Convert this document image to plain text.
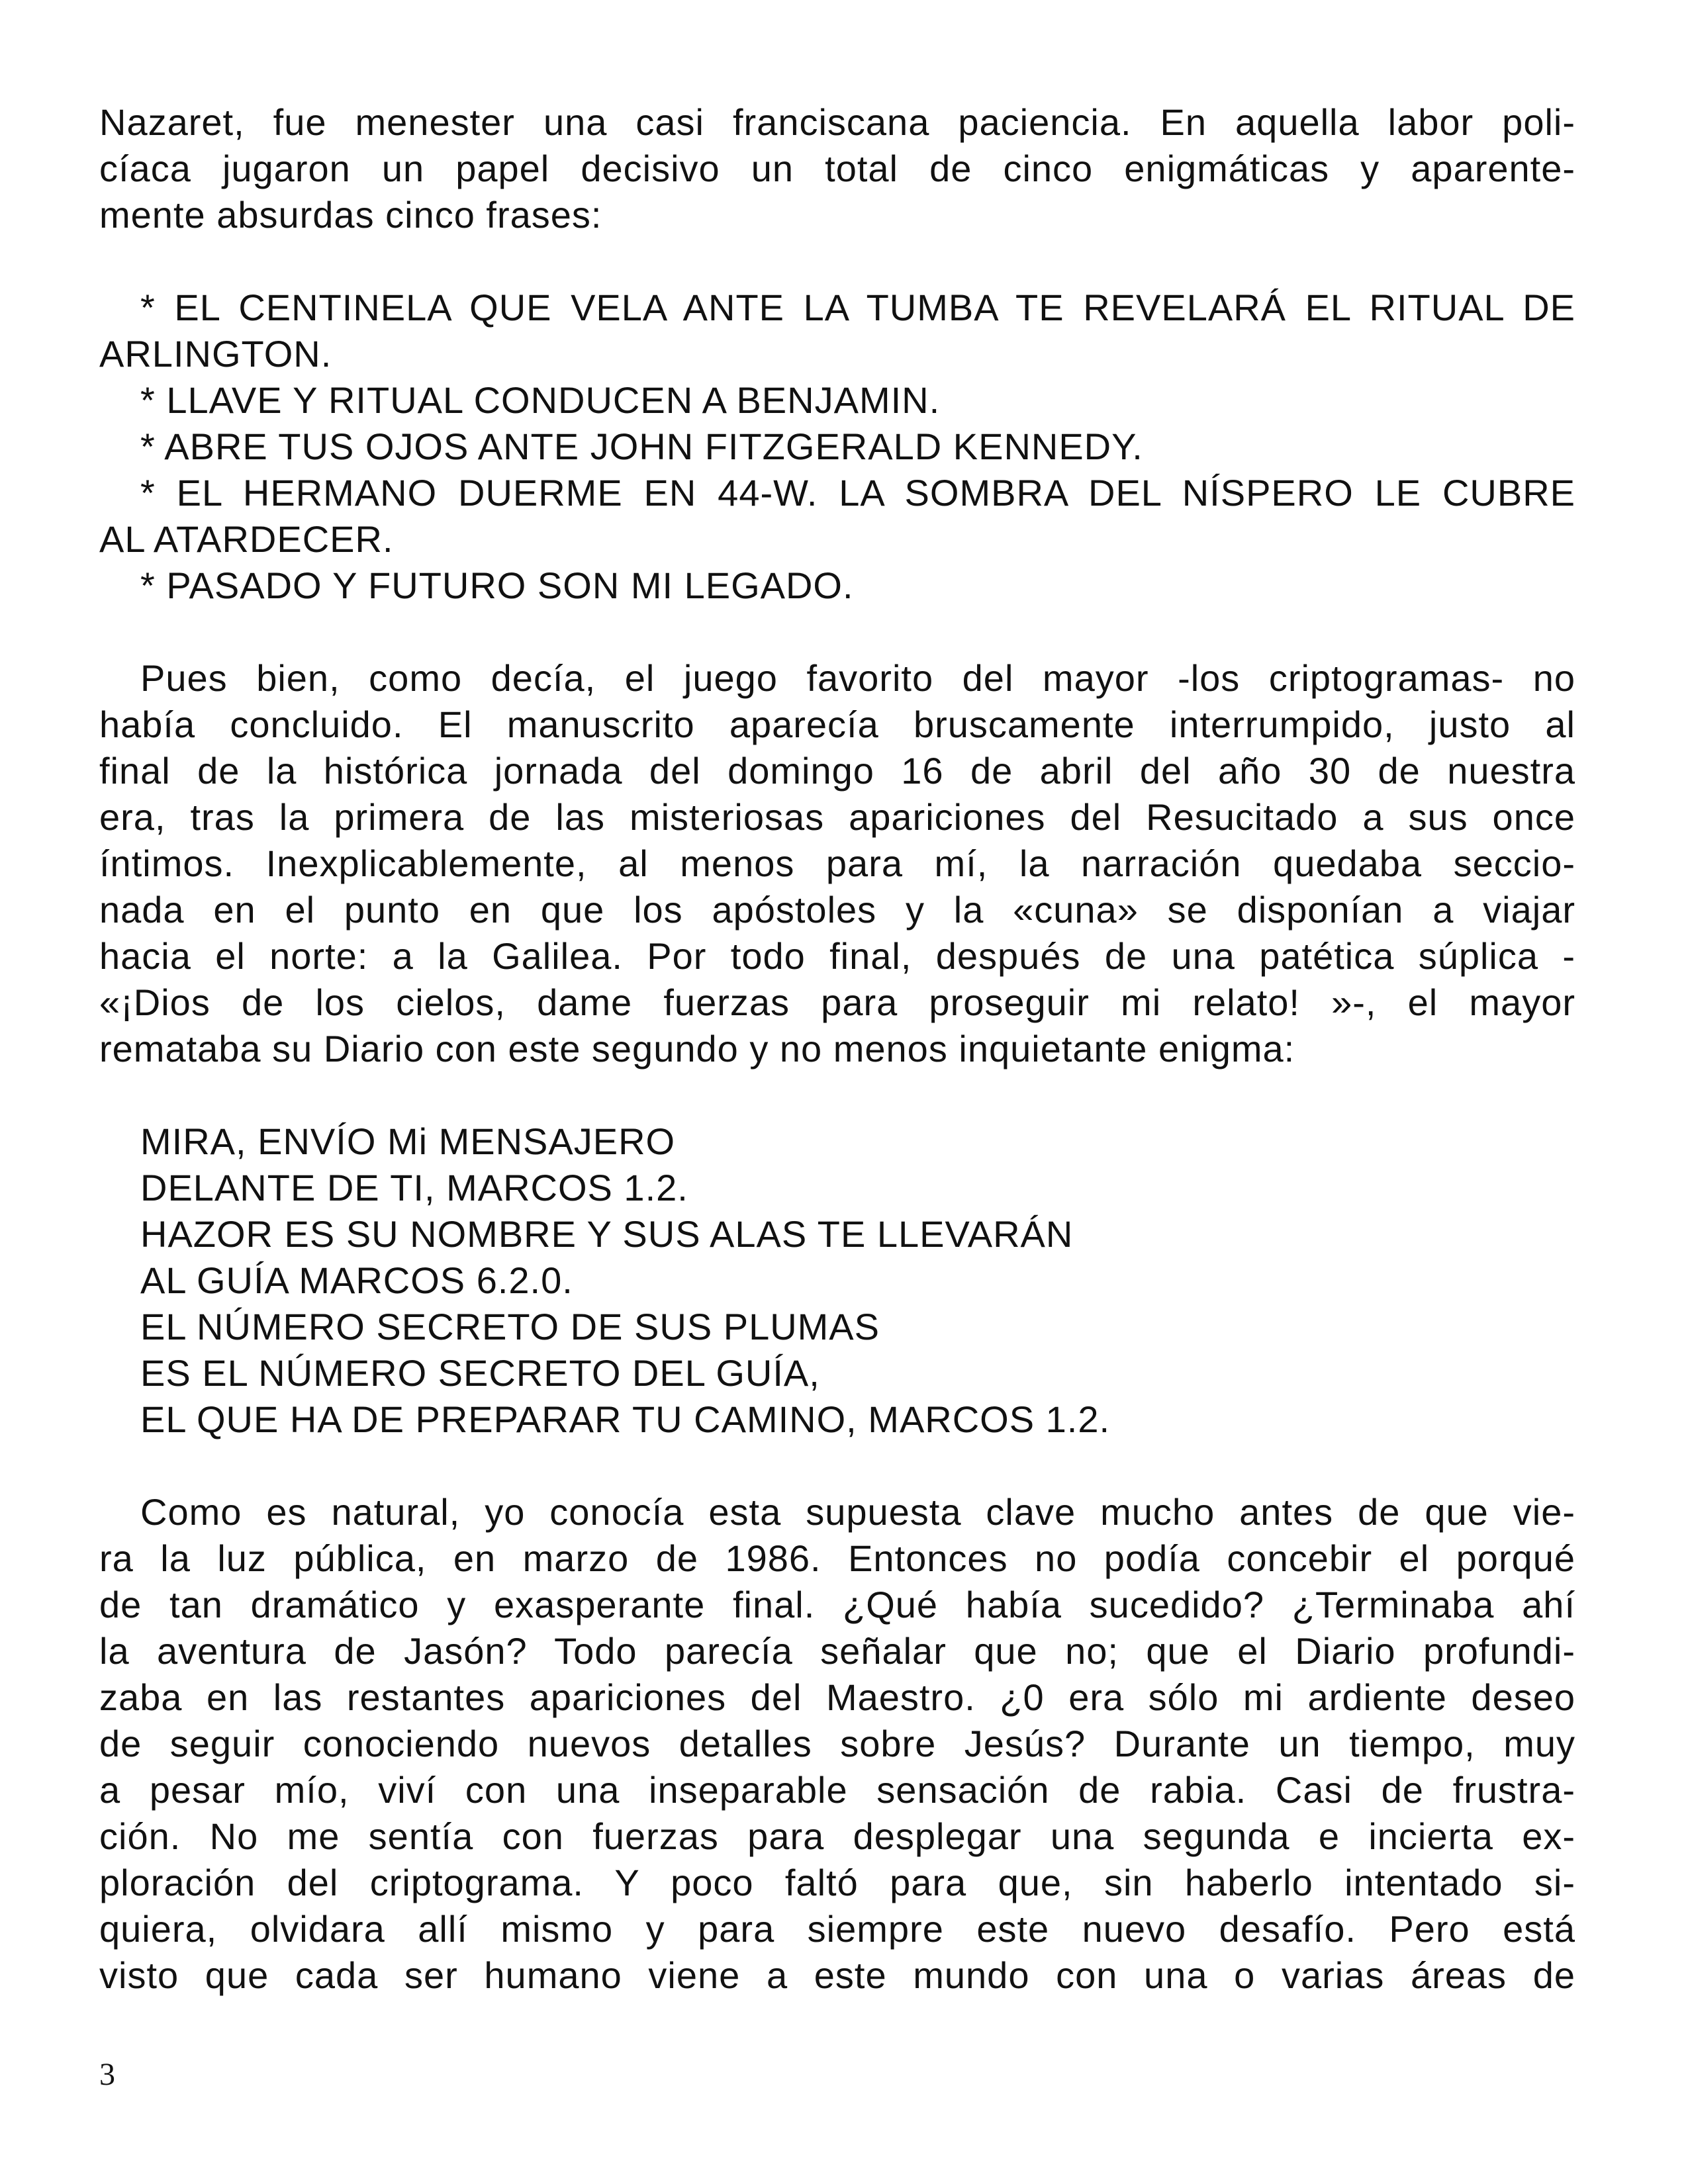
Nazaret, fue menester una casi franciscana paciencia. En aquella labor poli-
cíaca jugaron un papel decisivo un total de cinco enigmáticas y aparente-
mente absurdas cinco frases:
* EL CENTINELA QUE VELA ANTE LA TUMBA TE REVELARÁ EL RITUAL DE
ARLINGTON.
* LLAVE Y RITUAL CONDUCEN A BENJAMIN.
* ABRE TUS OJOS ANTE JOHN FITZGERALD KENNEDY.
* EL HERMANO DUERME EN 44-W. LA SOMBRA DEL NÍSPERO LE CUBRE
AL ATARDECER.
* PASADO Y FUTURO SON MI LEGADO.
Pues bien, como decía, el juego favorito del mayor -los criptogramas- no
había concluido. El manuscrito aparecía bruscamente interrumpido, justo al
final de la histórica jornada del domingo 16 de abril del año 30 de nuestra
era, tras la primera de las misteriosas apariciones del Resucitado a sus once
íntimos. Inexplicablemente, al menos para mí, la narración quedaba seccio-
nada en el punto en que los apóstoles y la «cuna» se disponían a viajar
hacia el norte: a la Galilea. Por todo final, después de una patética súplica -
«¡Dios de los cielos, dame fuerzas para proseguir mi relato! »-, el mayor
remataba su Diario con este segundo y no menos inquietante enigma:
MIRA, ENVÍO Mi MENSAJERO
DELANTE DE TI, MARCOS 1.2.
HAZOR ES SU NOMBRE Y SUS ALAS TE LLEVARÁN
AL GUÍA MARCOS 6.2.0.
EL NÚMERO SECRETO DE SUS PLUMAS
ES EL NÚMERO SECRETO DEL GUÍA,
EL QUE HA DE PREPARAR TU CAMINO, MARCOS 1.2.
Como es natural, yo conocía esta supuesta clave mucho antes de que vie-
ra la luz pública, en marzo de 1986. Entonces no podía concebir el porqué
de tan dramático y exasperante final. ¿Qué había sucedido? ¿Terminaba ahí
la aventura de Jasón? Todo parecía señalar que no; que el Diario profundi-
zaba en las restantes apariciones del Maestro. ¿0 era sólo mi ardiente deseo
de seguir conociendo nuevos detalles sobre Jesús? Durante un tiempo, muy
a pesar mío, viví con una inseparable sensación de rabia. Casi de frustra-
ción. No me sentía con fuerzas para desplegar una segunda e incierta ex-
ploración del criptograma. Y poco faltó para que, sin haberlo intentado si-
quiera, olvidara allí mismo y para siempre este nuevo desafío. Pero está
visto que cada ser humano viene a este mundo con una o varias áreas de
3
